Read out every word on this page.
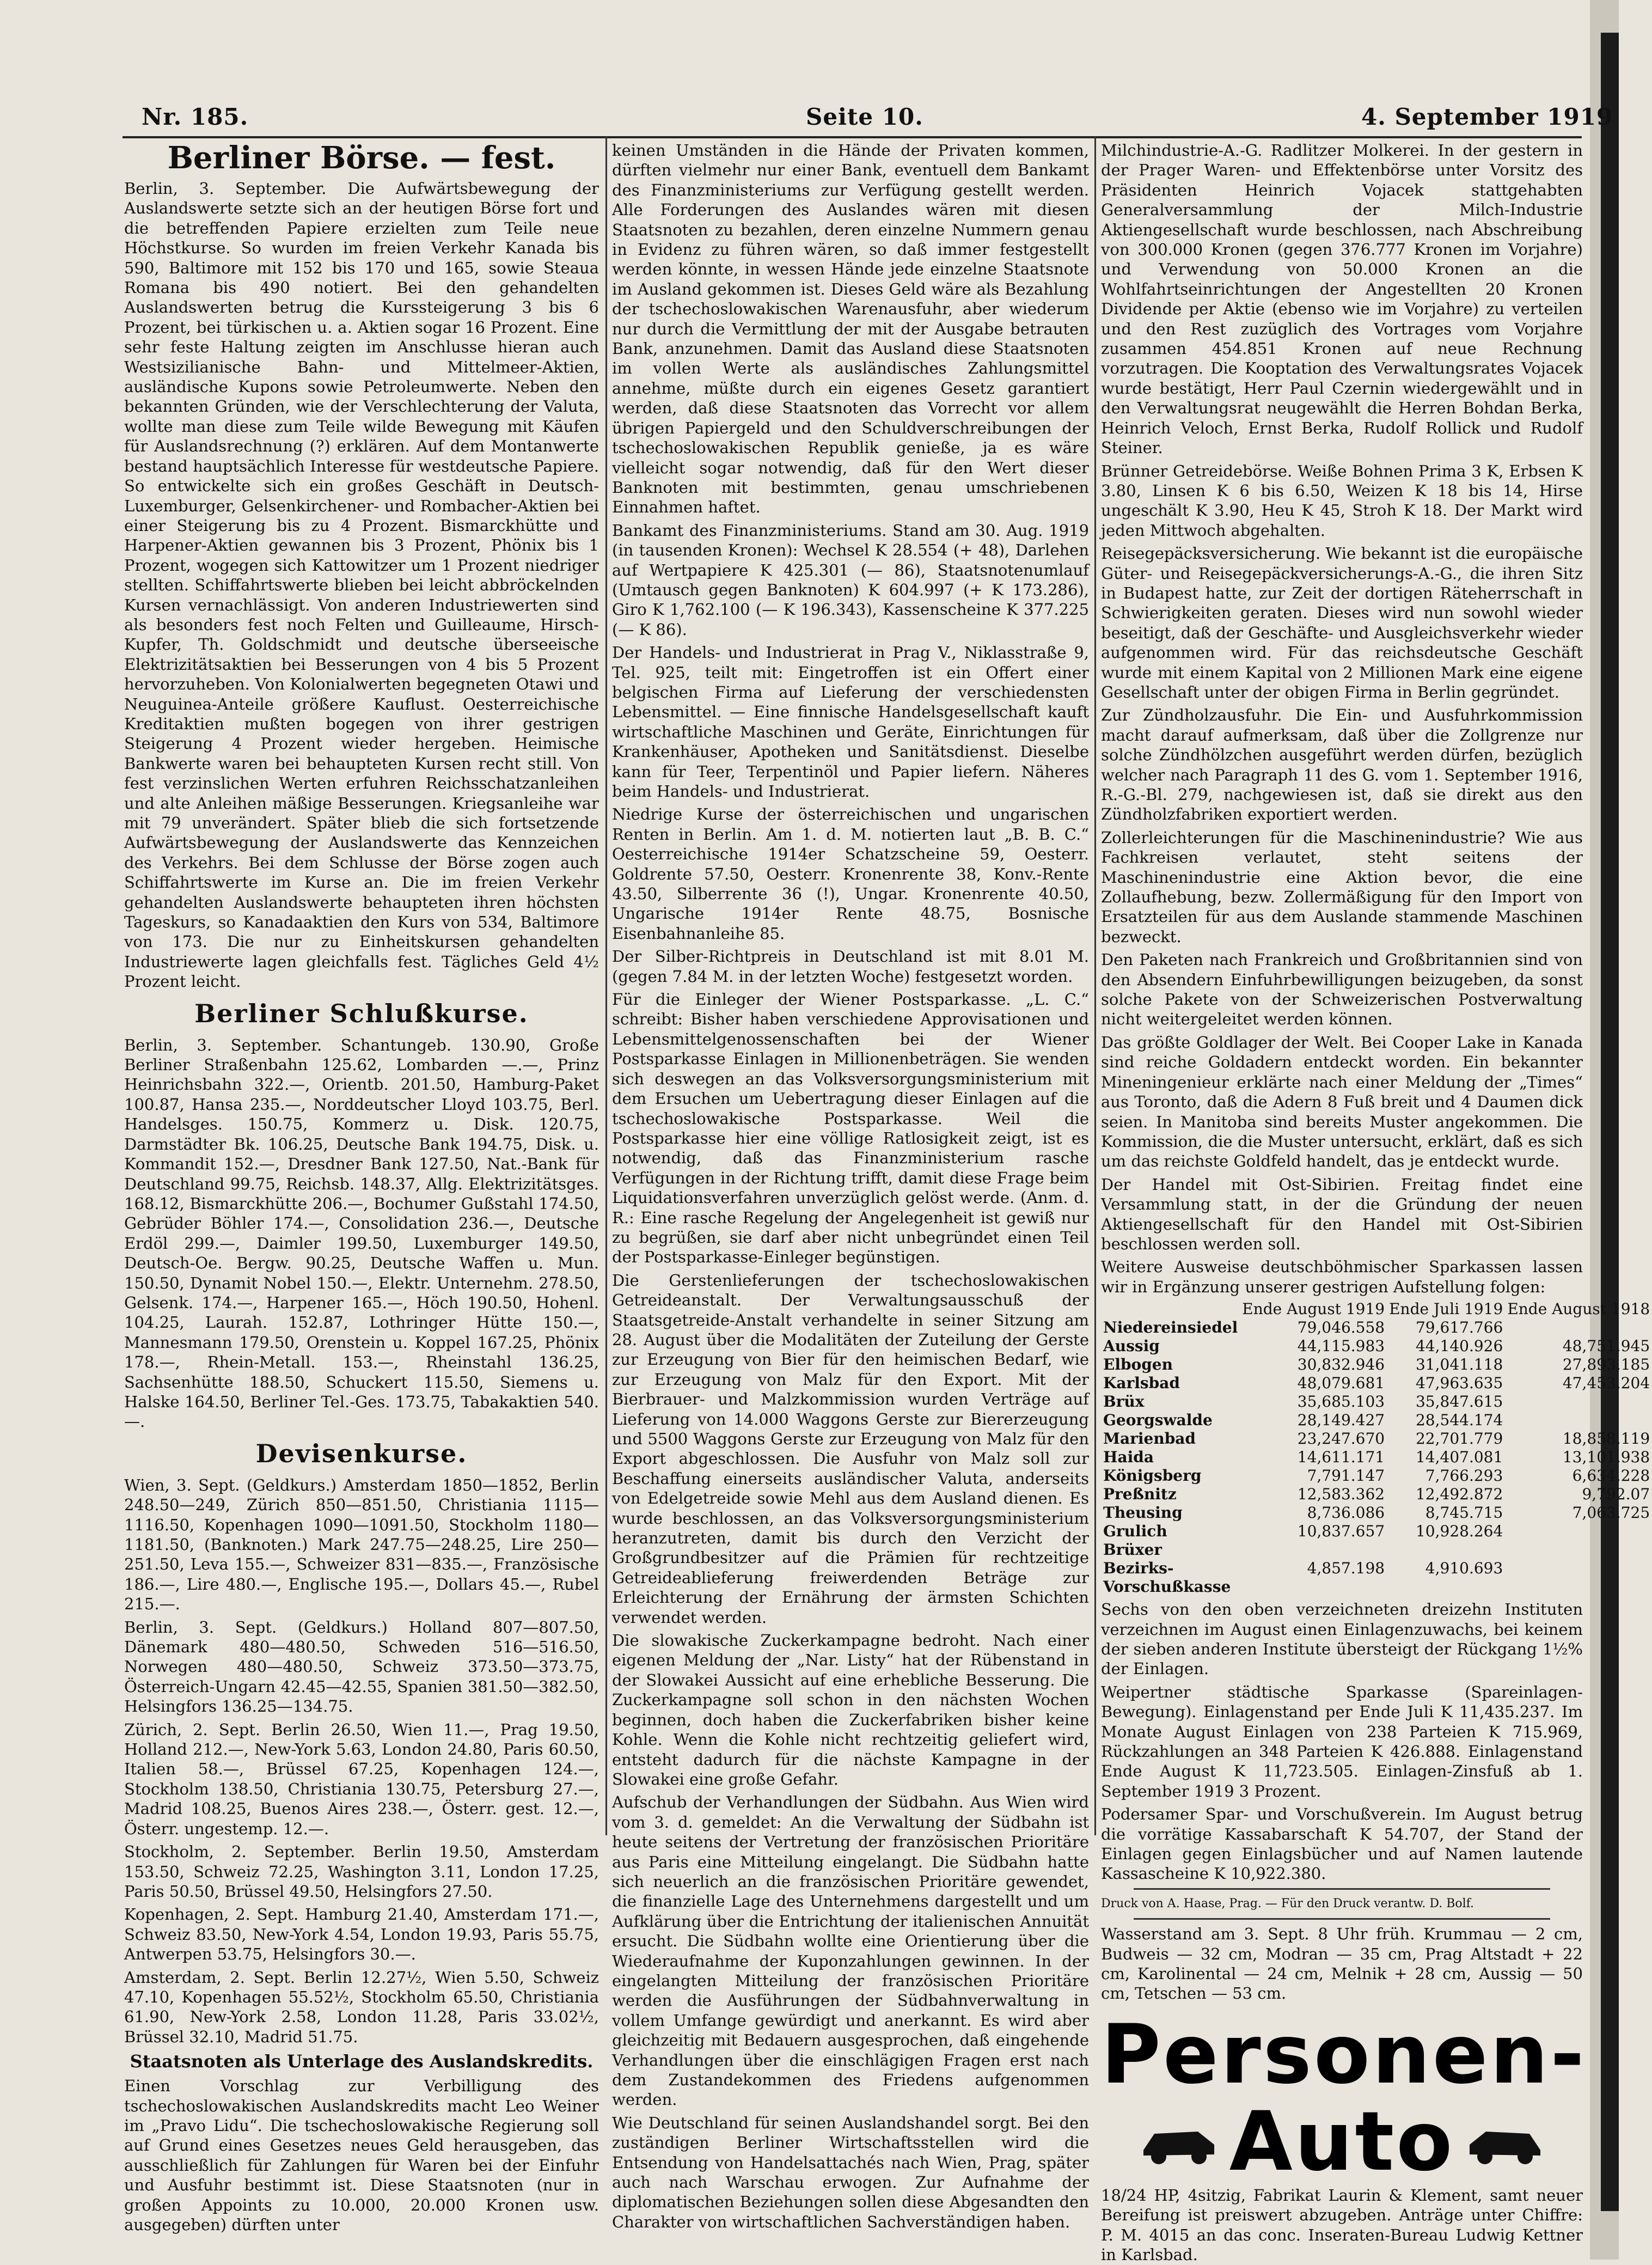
Nr. 185.	Seite 10.	4. September 1919

Berliner Börse. — fest.

Berlin, 3. September. Die Aufwärtsbewegung der Auslandswerte setzte sich an der heutigen Börse fort und die betreffenden Papiere erzielten zum Teile neue Höchstkurse. So wurden im freien Verkehr Kanada bis 590, Baltimore mit 152 bis 170 und 165, sowie Steaua Romana bis 490 notiert. Bei den gehandelten Auslandswerten betrug die Kurssteigerung 3 bis 6 Prozent, bei türkischen u. a. Aktien sogar 16 Prozent. Eine sehr feste Haltung zeigten im Anschlusse hieran auch Westsizilianische Bahn- und Mittelmeer-Aktien, ausländische Kupons sowie Petroleumwerte. Neben den bekannten Gründen, wie der Verschlechterung der Valuta, wollte man diese zum Teile wilde Bewegung mit Käufen für Auslandsrechnung (?) erklären. Auf dem Montanwerte bestand hauptsächlich Interesse für westdeutsche Papiere. So entwickelte sich ein großes Geschäft in Deutsch-Luxemburger, Gelsenkirchener- und Rombacher-Aktien bei einer Steigerung bis zu 4 Prozent. Bismarckhütte und Harpener-Aktien gewannen bis 3 Prozent, Phönix bis 1 Prozent, wogegen sich Kattowitzer um 1 Prozent niedriger stellten. Schiffahrtswerte blieben bei leicht abbröckelnden Kursen vernachlässigt. Von anderen Industriewerten sind als besonders fest noch Felten und Guilleaume, Hirsch-Kupfer, Th. Goldschmidt und deutsche überseeische Elektrizitätsaktien bei Besserungen von 4 bis 5 Prozent hervorzuheben. Von Kolonialwerten begegneten Otawi und Neuguinea-Anteile größere Kauflust. Oesterreichische Kreditaktien mußten bogegen von ihrer gestrigen Steigerung 4 Prozent wieder hergeben. Heimische Bankwerte waren bei behaupteten Kursen recht still. Von fest verzinslichen Werten erfuhren Reichsschatzanleihen und alte Anleihen mäßige Besserungen. Kriegsanleihe war mit 79 unverändert. Später blieb die sich fortsetzende Aufwärtsbewegung der Auslandswerte das Kennzeichen des Verkehrs. Bei dem Schlusse der Börse zogen auch Schiffahrtswerte im Kurse an. Die im freien Verkehr gehandelten Auslandswerte behaupteten ihren höchsten Tageskurs, so Kanadaaktien den Kurs von 534, Baltimore von 173. Die nur zu Einheitskursen gehandelten Industriewerte lagen gleichfalls fest. Tägliches Geld 4½ Prozent leicht.

Berliner Schlußkurse.

Berlin, 3. September. Schantungeb. 130.90, Große Berliner Straßenbahn 125.62, Lombarden —.—, Prinz Heinrichsbahn 322.—, Orientb. 201.50, Hamburg-Paket 100.87, Hansa 235.—, Norddeutscher Lloyd 103.75, Berl. Handelsges. 150.75, Kommerz u. Disk. 120.75, Darmstädter Bk. 106.25, Deutsche Bank 194.75, Disk. u. Kommandit 152.—, Dresdner Bank 127.50, Nat.-Bank für Deutschland 99.75, Reichsb. 148.37, Allg. Elektrizitätsges. 168.12, Bismarckhütte 206.—, Bochumer Gußstahl 174.50, Gebrüder Böhler 174.—, Consolidation 236.—, Deutsche Erdöl 299.—, Daimler 199.50, Luxemburger 149.50, Deutsch-Oe. Bergw. 90.25, Deutsche Waffen u. Mun. 150.50, Dynamit Nobel 150.—, Elektr. Unternehm. 278.50, Gelsenk. 174.—, Harpener 165.—, Höch 190.50, Hohenl. 104.25, Laurah. 152.87, Lothringer Hütte 150.—, Mannesmann 179.50, Orenstein u. Koppel 167.25, Phönix 178.—, Rhein-Metall. 153.—, Rheinstahl 136.25, Sachsenhütte 188.50, Schuckert 115.50, Siemens u. Halske 164.50, Berliner Tel.-Ges. 173.75, Tabakaktien 540.—.

Devisenkurse.

Wien, 3. Sept. (Geldkurs.) Amsterdam 1850—1852, Berlin 248.50—249, Zürich 850—851.50, Christiania 1115—1116.50, Kopenhagen 1090—1091.50, Stockholm 1180—1181.50, (Banknoten.) Mark 247.75—248.25, Lire 250—251.50, Leva 155.—, Schweizer 831—835.—, Französische 186.—, Lire 480.—, Englische 195.—, Dollars 45.—, Rubel 215.—.

Berlin, 3. Sept. (Geldkurs.) Holland 807—807.50, Dänemark 480—480.50, Schweden 516—516.50, Norwegen 480—480.50, Schweiz 373.50—373.75, Österreich-Ungarn 42.45—42.55, Spanien 381.50—382.50, Helsingfors 136.25—134.75.

Zürich, 2. Sept. Berlin 26.50, Wien 11.—, Prag 19.50, Holland 212.—, New-York 5.63, London 24.80, Paris 60.50, Italien 58.—, Brüssel 67.25, Kopenhagen 124.—, Stockholm 138.50, Christiania 130.75, Petersburg 27.—, Madrid 108.25, Buenos Aires 238.—, Österr. gest. 12.—, Österr. ungestemp. 12.—.

Stockholm, 2. September. Berlin 19.50, Amsterdam 153.50, Schweiz 72.25, Washington 3.11, London 17.25, Paris 50.50, Brüssel 49.50, Helsingfors 27.50.

Kopenhagen, 2. Sept. Hamburg 21.40, Amsterdam 171.—, Schweiz 83.50, New-York 4.54, London 19.93, Paris 55.75, Antwerpen 53.75, Helsingfors 30.—.

Amsterdam, 2. Sept. Berlin 12.27½, Wien 5.50, Schweiz 47.10, Kopenhagen 55.52½, Stockholm 65.50, Christiania 61.90, New-York 2.58, London 11.28, Paris 33.02½, Brüssel 32.10, Madrid 51.75.

Staatsnoten als Unterlage des Auslandskredits.

Einen Vorschlag zur Verbilligung des tschechoslowakischen Auslandskredits macht Leo Weiner im „Pravo Lidu“. Die tschechoslowakische Regierung soll auf Grund eines Gesetzes neues Geld herausgeben, das ausschließlich für Zahlungen für Waren bei der Einfuhr und Ausfuhr bestimmt ist. Diese Staatsnoten (nur in großen Appoints zu 10.000, 20.000 Kronen usw. ausgegeben) dürften unter

keinen Umständen in die Hände der Privaten kommen, dürften vielmehr nur einer Bank, eventuell dem Bankamt des Finanzministeriums zur Verfügung gestellt werden. Alle Forderungen des Auslandes wären mit diesen Staatsnoten zu bezahlen, deren einzelne Nummern genau in Evidenz zu führen wären, so daß immer festgestellt werden könnte, in wessen Hände jede einzelne Staatsnote im Ausland gekommen ist. Dieses Geld wäre als Bezahlung der tschechoslowakischen Warenausfuhr, aber wiederum nur durch die Vermittlung der mit der Ausgabe betrauten Bank, anzunehmen. Damit das Ausland diese Staatsnoten im vollen Werte als ausländisches Zahlungsmittel annehme, müßte durch ein eigenes Gesetz garantiert werden, daß diese Staatsnoten das Vorrecht vor allem übrigen Papiergeld und den Schuldverschreibungen der tschechoslowakischen Republik genieße, ja es wäre vielleicht sogar notwendig, daß für den Wert dieser Banknoten mit bestimmten, genau umschriebenen Einnahmen haftet.

Bankamt des Finanzministeriums. Stand am 30. Aug. 1919 (in tausenden Kronen): Wechsel K 28.554 (+ 48), Darlehen auf Wertpapiere K 425.301 (— 86), Staatsnotenumlauf (Umtausch gegen Banknoten) K 604.997 (+ K 173.286), Giro K 1,762.100 (— K 196.343), Kassenscheine K 377.225 (— K 86).

Der Handels- und Industrierat in Prag V., Niklasstraße 9, Tel. 925, teilt mit: Eingetroffen ist ein Offert einer belgischen Firma auf Lieferung der verschiedensten Lebensmittel. — Eine finnische Handelsgesellschaft kauft wirtschaftliche Maschinen und Geräte, Einrichtungen für Krankenhäuser, Apotheken und Sanitätsdienst. Dieselbe kann für Teer, Terpentinöl und Papier liefern. Näheres beim Handels- und Industrierat.

Niedrige Kurse der österreichischen und ungarischen Renten in Berlin. Am 1. d. M. notierten laut „B. B. C.“ Oesterreichische 1914er Schatzscheine 59, Oesterr. Goldrente 57.50, Oesterr. Kronenrente 38, Konv.-Rente 43.50, Silberrente 36 (!), Ungar. Kronenrente 40.50, Ungarische 1914er Rente 48.75, Bosnische Eisenbahnanleihe 85.

Der Silber-Richtpreis in Deutschland ist mit 8.01 M. (gegen 7.84 M. in der letzten Woche) festgesetzt worden.

Für die Einleger der Wiener Postsparkasse. „L. C.“ schreibt: Bisher haben verschiedene Approvisationen und Lebensmittelgenossenschaften bei der Wiener Postsparkasse Einlagen in Millionenbeträgen. Sie wenden sich deswegen an das Volksversorgungsministerium mit dem Ersuchen um Uebertragung dieser Einlagen auf die tschechoslowakische Postsparkasse. Weil die Postsparkasse hier eine völlige Ratlosigkeit zeigt, ist es notwendig, daß das Finanzministerium rasche Verfügungen in der Richtung trifft, damit diese Frage beim Liquidationsverfahren unverzüglich gelöst werde. (Anm. d. R.: Eine rasche Regelung der Angelegenheit ist gewiß nur zu begrüßen, sie darf aber nicht unbegründet einen Teil der Postsparkasse-Einleger begünstigen.

Die Gerstenlieferungen der tschechoslowakischen Getreideanstalt. Der Verwaltungsausschuß der Staatsgetreide-Anstalt verhandelte in seiner Sitzung am 28. August über die Modalitäten der Zuteilung der Gerste zur Erzeugung von Bier für den heimischen Bedarf, wie zur Erzeugung von Malz für den Export. Mit der Bierbrauer- und Malzkommission wurden Verträge auf Lieferung von 14.000 Waggons Gerste zur Biererzeugung und 5500 Waggons Gerste zur Erzeugung von Malz für den Export abgeschlossen. Die Ausfuhr von Malz soll zur Beschaffung einerseits ausländischer Valuta, anderseits von Edelgetreide sowie Mehl aus dem Ausland dienen. Es wurde beschlossen, an das Volksversorgungsministerium heranzutreten, damit bis durch den Verzicht der Großgrundbesitzer auf die Prämien für rechtzeitige Getreideablieferung freiwerdenden Beträge zur Erleichterung der Ernährung der ärmsten Schichten verwendet werden.

Die slowakische Zuckerkampagne bedroht. Nach einer eigenen Meldung der „Nar. Listy“ hat der Rübenstand in der Slowakei Aussicht auf eine erhebliche Besserung. Die Zuckerkampagne soll schon in den nächsten Wochen beginnen, doch haben die Zuckerfabriken bisher keine Kohle. Wenn die Kohle nicht rechtzeitig geliefert wird, entsteht dadurch für die nächste Kampagne in der Slowakei eine große Gefahr.

Aufschub der Verhandlungen der Südbahn. Aus Wien wird vom 3. d. gemeldet: An die Verwaltung der Südbahn ist heute seitens der Vertretung der französischen Prioritäre aus Paris eine Mitteilung eingelangt. Die Südbahn hatte sich neuerlich an die französischen Prioritäre gewendet, die finanzielle Lage des Unternehmens dargestellt und um Aufklärung über die Entrichtung der italienischen Annuität ersucht. Die Südbahn wollte eine Orientierung über die Wiederaufnahme der Kuponzahlungen gewinnen. In der eingelangten Mitteilung der französischen Prioritäre werden die Ausführungen der Südbahnverwaltung in vollem Umfange gewürdigt und anerkannt. Es wird aber gleichzeitig mit Bedauern ausgesprochen, daß eingehende Verhandlungen über die einschlägigen Fragen erst nach dem Zustandekommen des Friedens aufgenommen werden.

Wie Deutschland für seinen Auslandshandel sorgt. Bei den zuständigen Berliner Wirtschaftsstellen wird die Entsendung von Handelsattachés nach Wien, Prag, später auch nach Warschau erwogen. Zur Aufnahme der diplomatischen Beziehungen sollen diese Abgesandten den Charakter von wirtschaftlichen Sachverständigen haben.

Milchindustrie-A.-G. Radlitzer Molkerei. In der gestern in der Prager Waren- und Effektenbörse unter Vorsitz des Präsidenten Heinrich Vojacek stattgehabten Generalversammlung der Milch-Industrie Aktiengesellschaft wurde beschlossen, nach Abschreibung von 300.000 Kronen (gegen 376.777 Kronen im Vorjahre) und Verwendung von 50.000 Kronen an die Wohlfahrtseinrichtungen der Angestellten 20 Kronen Dividende per Aktie (ebenso wie im Vorjahre) zu verteilen und den Rest zuzüglich des Vortrages vom Vorjahre zusammen 454.851 Kronen auf neue Rechnung vorzutragen. Die Kooptation des Verwaltungsrates Vojacek wurde bestätigt, Herr Paul Czernin wiedergewählt und in den Verwaltungsrat neugewählt die Herren Bohdan Berka, Heinrich Veloch, Ernst Berka, Rudolf Rollick und Rudolf Steiner.

Brünner Getreidebörse. Weiße Bohnen Prima 3 K, Erbsen K 3.80, Linsen K 6 bis 6.50, Weizen K 18 bis 14, Hirse ungeschält K 3.90, Heu K 45, Stroh K 18. Der Markt wird jeden Mittwoch abgehalten.

Reisegepäcksversicherung. Wie bekannt ist die europäische Güter- und Reisegepäckversicherungs-A.-G., die ihren Sitz in Budapest hatte, zur Zeit der dortigen Räteherrschaft in Schwierigkeiten geraten. Dieses wird nun sowohl wieder beseitigt, daß der Geschäfte- und Ausgleichsverkehr wieder aufgenommen wird. Für das reichsdeutsche Geschäft wurde mit einem Kapital von 2 Millionen Mark eine eigene Gesellschaft unter der obigen Firma in Berlin gegründet.

Zur Zündholzausfuhr. Die Ein- und Ausfuhrkommission macht darauf aufmerksam, daß über die Zollgrenze nur solche Zündhölzchen ausgeführt werden dürfen, bezüglich welcher nach Paragraph 11 des G. vom 1. September 1916, R.-G.-Bl. 279, nachgewiesen ist, daß sie direkt aus den Zündholzfabriken exportiert werden.

Zollerleichterungen für die Maschinenindustrie? Wie aus Fachkreisen verlautet, steht seitens der Maschinenindustrie eine Aktion bevor, die eine Zollaufhebung, bezw. Zollermäßigung für den Import von Ersatzteilen für aus dem Auslande stammende Maschinen bezweckt.

Den Paketen nach Frankreich und Großbritannien sind von den Absendern Einfuhrbewilligungen beizugeben, da sonst solche Pakete von der Schweizerischen Postverwaltung nicht weitergeleitet werden können.

Das größte Goldlager der Welt. Bei Cooper Lake in Kanada sind reiche Goldadern entdeckt worden. Ein bekannter Mineningenieur erklärte nach einer Meldung der „Times“ aus Toronto, daß die Adern 8 Fuß breit und 4 Daumen dick seien. In Manitoba sind bereits Muster angekommen. Die Kommission, die die Muster untersucht, erklärt, daß es sich um das reichste Goldfeld handelt, das je entdeckt wurde.

Der Handel mit Ost-Sibirien. Freitag findet eine Versammlung statt, in der die Gründung der neuen Aktiengesellschaft für den Handel mit Ost-Sibirien beschlossen werden soll.

Weitere Ausweise deutschböhmischer Sparkassen lassen wir in Ergänzung unserer gestrigen Aufstellung folgen:

	Ende August 1919	Ende Juli 1919	Ende August 1918
Niedereinsiedel	79,046.558	79,617.766	
Aussig	44,115.983	44,140.926	48,751.945
Elbogen	30,832.946	31,041.118	27,893.185
Karlsbad	48,079.681	47,963.635	47,453.204
Brüx	35,685.103	35,847.615	
Georgswalde	28,149.427	28,544.174	
Marienbad	23,247.670	22,701.779	18,858.119
Haida	14,611.171	14,407.081	13,101.938
Königsberg	7,791.147	7,766.293	6,634.228
Preßnitz	12,583.362	12,492.872	9,792.07
Theusing	8,736.086	8,745.715	7,063.725
Grulich	10,837.657	10,928.264	
Brüxer Bezirks-Vorschußkasse	4,857.198	4,910.693	

Sechs von den oben verzeichneten dreizehn Instituten verzeichnen im August einen Einlagenzuwachs, bei keinem der sieben anderen Institute übersteigt der Rückgang 1½% der Einlagen.

Weipertner städtische Sparkasse (Spareinlagen-Bewegung). Einlagenstand per Ende Juli K 11,435.237. Im Monate August Einlagen von 238 Parteien K 715.969, Rückzahlungen an 348 Parteien K 426.888. Einlagenstand Ende August K 11,723.505. Einlagen-Zinsfuß ab 1. September 1919 3 Prozent.

Podersamer Spar- und Vorschußverein. Im August betrug die vorrätige Kassabarschaft K 54.707, der Stand der Einlagen gegen Einlagsbücher und auf Namen lautende Kassascheine K 10,922.380.

Druck von A. Haase, Prag. — Für den Druck verantw. D. Bolf.

Wasserstand am 3. Sept. 8 Uhr früh. Krummau — 2 cm, Budweis — 32 cm, Modran — 35 cm, Prag Altstadt + 22 cm, Karolinental — 24 cm, Melnik + 28 cm, Aussig — 50 cm, Tetschen — 53 cm.

Personen-
Auto

18/24 HP, 4sitzig, Fabrikat Laurin & Klement, samt neuer Bereifung ist preiswert abzugeben. Anträge unter Chiffre: P. M. 4015 an das conc. Inseraten-Bureau Ludwig Kettner in Karlsbad.
